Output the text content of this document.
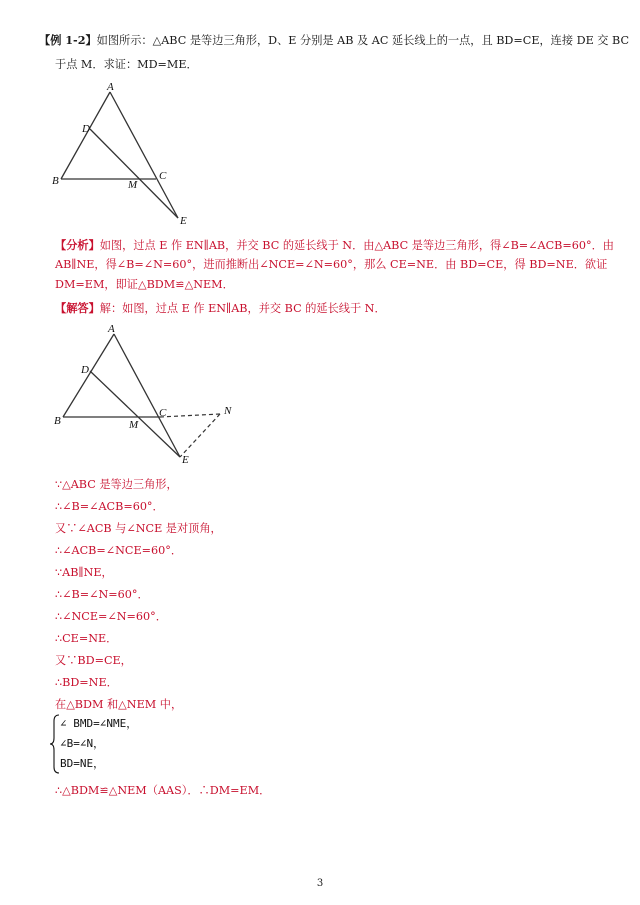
【例 1-2】如图所示：△ABC 是等边三角形，D、E 分别是 AB 及 AC 延长线上的一点，且 BD=CE，连接 DE 交 BC
于点 M．求证：MD=ME．
A
D
B	C
M
E
【分析】如图，过点 E 作 EN∥AB，并交 BC 的延长线于 N．由△ABC 是等边三角形，得∠B=∠ACB=60°．由
AB∥NE，得∠B=∠N=60°，进而推断出∠NCE=∠N=60°，那么 CE=NE．由 BD=CE，得 BD=NE．欲证
DM=EM，即证△BDM≌△NEM．
【解答】解：如图，过点 E 作 EN∥AB，并交 BC 的延长线于 N．
A
D
B
C
M
N
E
∵△ABC 是等边三角形，
∴∠B=∠ACB=60°．
又∵∠ACB 与∠NCE 是对顶角，
∴∠ACB=∠NCE=60°．
∵AB∥NE，
∴∠B=∠N=60°．
∴∠NCE=∠N=60°．
∴CE=NE．
又∵BD=CE，
∴BD=NE．
在△BDM 和△NEM 中，
∠ BMD=∠NME，
∠B=∠N，
BD=NE，
∴△BDM≌△NEM（AAS）．∴DM=EM．
3
